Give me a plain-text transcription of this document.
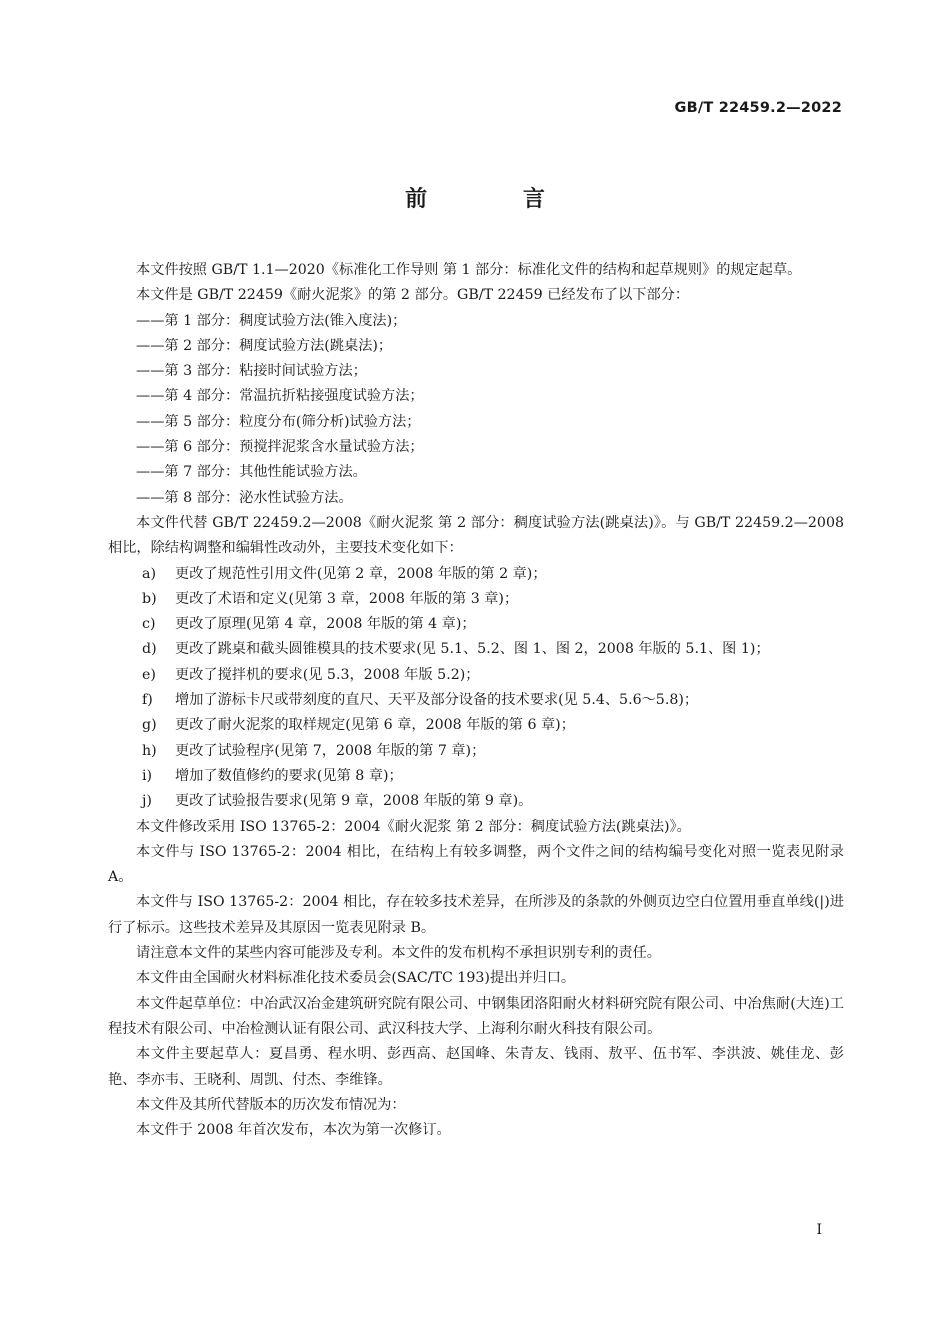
GB/T 22459.2—2022
前 言

本文件按照 GB/T 1.1—2020《标准化工作导则 第 1 部分：标准化文件的结构和起草规则》的规定起草。

本文件是 GB/T 22459《耐火泥浆》的第 2 部分。GB/T 22459 已经发布了以下部分：

——第 1 部分：稠度试验方法(锥入度法)；

——第 2 部分：稠度试验方法(跳桌法)；

——第 3 部分：粘接时间试验方法；

——第 4 部分：常温抗折粘接强度试验方法；

——第 5 部分：粒度分布(筛分析)试验方法；

——第 6 部分：预搅拌泥浆含水量试验方法；

——第 7 部分：其他性能试验方法。

——第 8 部分：泌水性试验方法。

本文件代替 GB/T 22459.2—2008《耐火泥浆 第 2 部分：稠度试验方法(跳桌法)》。与 GB/T 22459.2—2008 相比，除结构调整和编辑性改动外，主要技术变化如下：

a)	更改了规范性引用文件(见第 2 章，2008 年版的第 2 章)；

b)	更改了术语和定义(见第 3 章，2008 年版的第 3 章)；

c)	更改了原理(见第 4 章，2008 年版的第 4 章)；

d)	更改了跳桌和截头圆锥模具的技术要求(见 5.1、5.2、图 1、图 2，2008 年版的 5.1、图 1)；

e)	更改了搅拌机的要求(见 5.3，2008 年版 5.2)；

f)	增加了游标卡尺或带刻度的直尺、天平及部分设备的技术要求(见 5.4、5.6～5.8)；

g)	更改了耐火泥浆的取样规定(见第 6 章，2008 年版的第 6 章)；

h)	更改了试验程序(见第 7，2008 年版的第 7 章)；

i)	增加了数值修约的要求(见第 8 章)；

j)	更改了试验报告要求(见第 9 章，2008 年版的第 9 章)。

本文件修改采用 ISO 13765-2：2004《耐火泥浆 第 2 部分：稠度试验方法(跳桌法)》。

本文件与 ISO 13765-2：2004 相比，在结构上有较多调整，两个文件之间的结构编号变化对照一览表见附录 A。

本文件与 ISO 13765-2：2004 相比，存在较多技术差异，在所涉及的条款的外侧页边空白位置用垂直单线(|)进行了标示。这些技术差异及其原因一览表见附录 B。

请注意本文件的某些内容可能涉及专利。本文件的发布机构不承担识别专利的责任。

本文件由全国耐火材料标准化技术委员会(SAC/TC 193)提出并归口。

本文件起草单位：中冶武汉冶金建筑研究院有限公司、中钢集团洛阳耐火材料研究院有限公司、中冶焦耐(大连)工程技术有限公司、中冶检测认证有限公司、武汉科技大学、上海利尔耐火科技有限公司。

本文件主要起草人：夏昌勇、程水明、彭西高、赵国峰、朱青友、钱雨、敖平、伍书军、李洪波、姚佳龙、彭艳、李亦韦、王晓利、周凯、付杰、李维锋。

本文件及其所代替版本的历次发布情况为：

本文件于 2008 年首次发布，本次为第一次修订。

I
